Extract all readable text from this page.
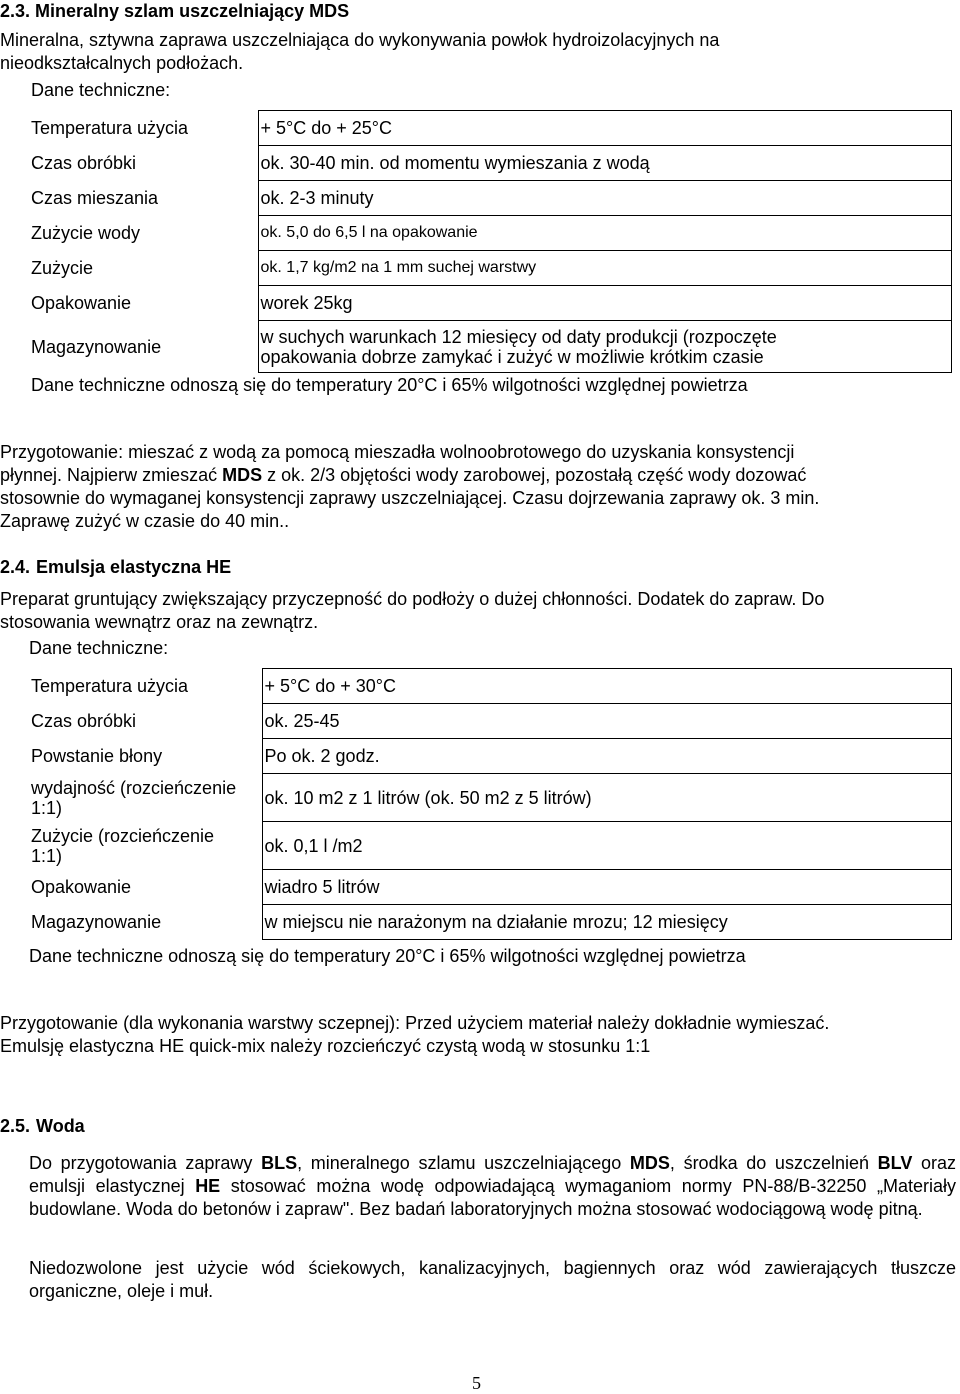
2.3. Mineralny szlam uszczelniający MDS
Mineralna, sztywna zaprawa uszczelniająca do wykonywania powłok hydroizolacyjnych na
nieodkształcalnych podłożach.
Dane techniczne:
Temperatura użycia	+ 5°C do + 25°C
Czas obróbki	ok. 30-40 min. od momentu wymieszania z wodą
Czas mieszania	ok. 2-3 minuty
Zużycie wody	ok. 5,0 do 6,5 l na opakowanie
Zużycie	ok. 1,7 kg/m2 na 1 mm suchej warstwy
Opakowanie	worek 25kg
Magazynowanie	w suchych warunkach 12 miesięcy od daty produkcji (rozpoczęte
opakowania dobrze zamykać i zużyć w możliwie krótkim czasie
Dane techniczne odnoszą się do temperatury 20°C i 65% wilgotności względnej powietrza
Przygotowanie: mieszać z wodą za pomocą mieszadła wolnoobrotowego do uzyskania konsystencji
płynnej. Najpierw zmieszać MDS z ok. 2/3 objętości wody zarobowej, pozostałą część wody dozować
stosownie do wymaganej konsystencji zaprawy uszczelniającej. Czasu dojrzewania zaprawy ok. 3 min.
Zaprawę zużyć w czasie do 40 min..
2.4. Emulsja elastyczna HE
Preparat gruntujący zwiększający przyczepność do podłoży o dużej chłonności. Dodatek do zapraw. Do
stosowania wewnątrz oraz na zewnątrz.
Dane techniczne:
Temperatura użycia	+ 5°C do + 30°C
Czas obróbki	ok. 25-45
Powstanie błony	Po ok. 2 godz.

wydajność (rozcieńczenie
1:1)	ok. 10 m2 z 1 litrów (ok. 50 m2 z 5 litrów)

Zużycie (rozcieńczenie
1:1)	ok. 0,1 l /m2
Opakowanie	wiadro 5 litrów
Magazynowanie	w miejscu nie narażonym na działanie mrozu; 12 miesięcy
Dane techniczne odnoszą się do temperatury 20°C i 65% wilgotności względnej powietrza
Przygotowanie (dla wykonania warstwy sczepnej): Przed użyciem materiał należy dokładnie wymieszać.
Emulsję elastyczna HE quick-mix należy rozcieńczyć czystą wodą w stosunku 1:1
2.5. Woda
Do przygotowania zaprawy BLS, mineralnego szlamu uszczelniającego MDS, środka do uszczelnień BLV oraz emulsji elastycznej HE stosować można wodę odpowiadającą wymaganiom normy PN-88/B-32250 „Materiały budowlane. Woda do betonów i zapraw". Bez badań laboratoryjnych można stosować wodociągową wodę pitną.
Niedozwolone jest użycie wód ściekowych, kanalizacyjnych, bagiennych oraz wód zawierających tłuszcze organiczne, oleje i muł.
5
